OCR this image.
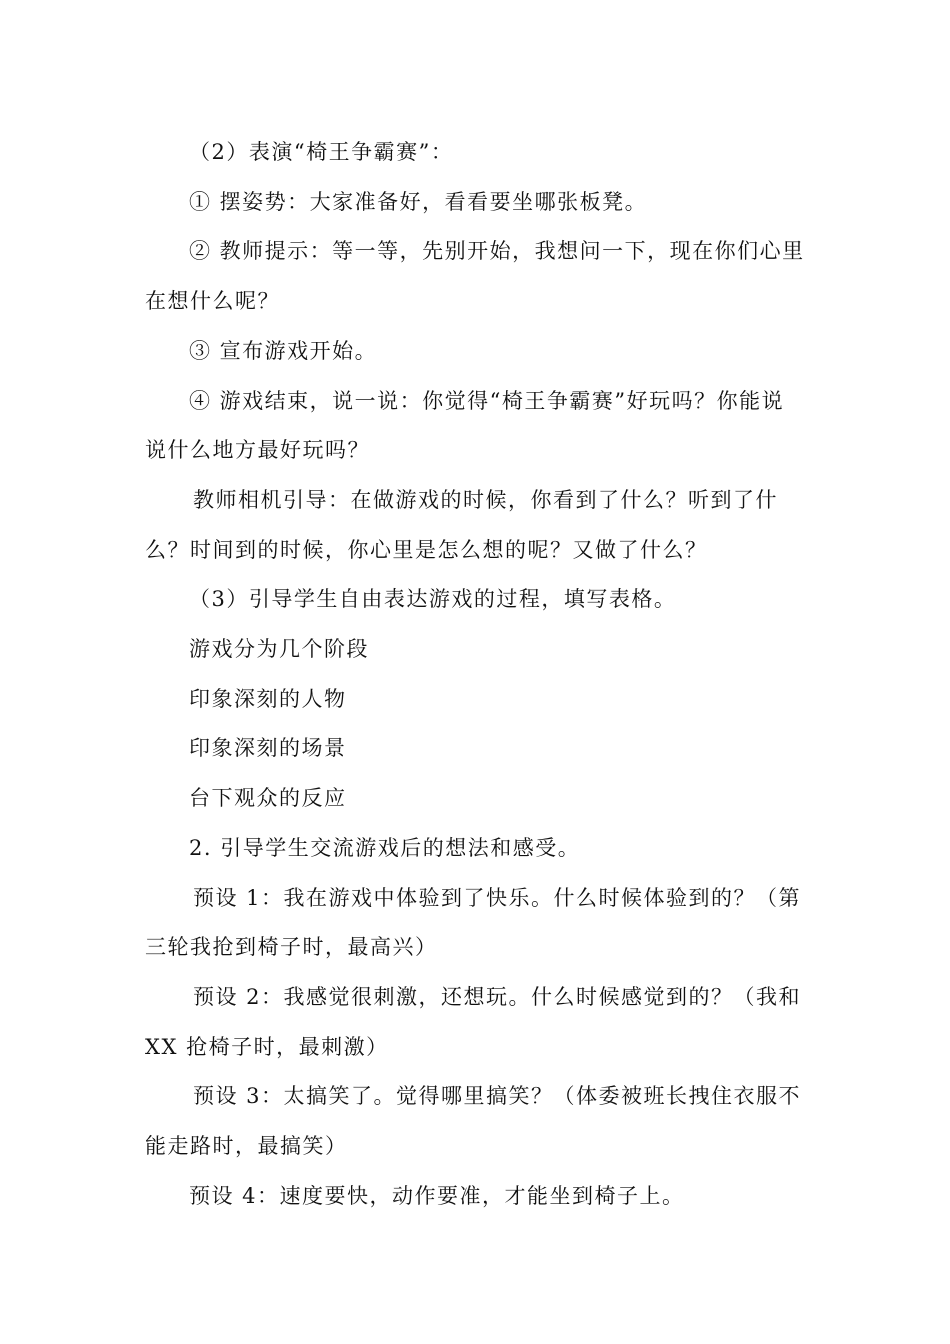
（2）表演“椅王争霸赛”：

① 摆姿势：大家准备好，看看要坐哪张板凳。

② 教师提示：等一等，先别开始，我想问一下，现在你们心里
在想什么呢？

③ 宣布游戏开始。

④ 游戏结束，说一说：你觉得“椅王争霸赛”好玩吗？你能说
说什么地方最好玩吗？

教师相机引导：在做游戏的时候，你看到了什么？听到了什
么？时间到的时候，你心里是怎么想的呢？又做了什么？

（3）引导学生自由表达游戏的过程，填写表格。

游戏分为几个阶段

印象深刻的人物

印象深刻的场景

台下观众的反应

2. 引导学生交流游戏后的想法和感受。

预设 1：我在游戏中体验到了快乐。什么时候体验到的？（第
三轮我抢到椅子时，最高兴）

预设 2：我感觉很刺激，还想玩。什么时候感觉到的？（我和
XX 抢椅子时，最刺激）

预设 3：太搞笑了。觉得哪里搞笑？（体委被班长拽住衣服不
能走路时，最搞笑）

预设 4：速度要快，动作要准，才能坐到椅子上。
